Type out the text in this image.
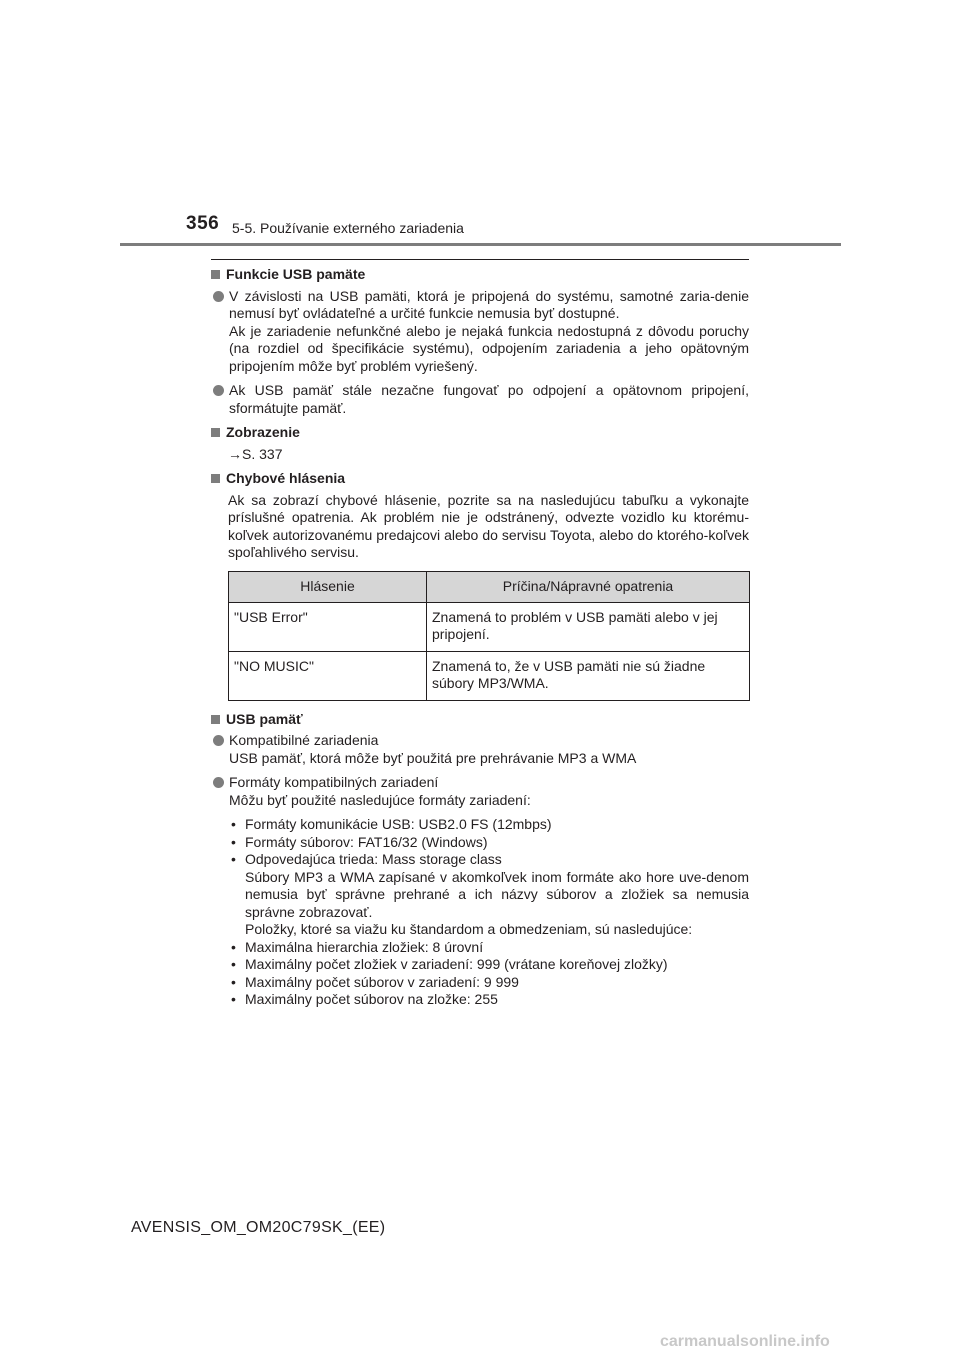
356 5-5. Používanie externého zariadenia
Funkcie USB pamäte
V závislosti na USB pamäti, ktorá je pripojená do systému, samotné zaria-denie nemusí byť ovládateľné a určité funkcie nemusia byť dostupné.
Ak je zariadenie nefunkčné alebo je nejaká funkcia nedostupná z dôvodu poruchy (na rozdiel od špecifikácie systému), odpojením zariadenia a jeho opätovným pripojením môže byť problém vyriešený.
Ak USB pamäť stále nezačne fungovať po odpojení a opätovnom pripojení, sformátujte pamäť.
Zobrazenie
→S. 337
Chybové hlásenia
Ak sa zobrazí chybové hlásenie, pozrite sa na nasledujúcu tabuľku a vykonajte príslušné opatrenia. Ak problém nie je odstránený, odvezte vozidlo ku ktorému-koľvek autorizovanému predajcovi alebo do servisu Toyota, alebo do ktorého-koľvek spoľahlivého servisu.
Hlásenie	Príčina/Nápravné opatrenia
"USB Error"	Znamená to problém v USB pamäti alebo v jej pripojení.
"NO MUSIC"	Znamená to, že v USB pamäti nie sú žiadne súbory MP3/WMA.
USB pamäť
Kompatibilné zariadenia
USB pamäť, ktorá môže byť použitá pre prehrávanie MP3 a WMA
Formáty kompatibilných zariadení
Môžu byť použité nasledujúce formáty zariadení:
• Formáty komunikácie USB: USB2.0 FS (12mbps)
• Formáty súborov: FAT16/32 (Windows)
• Odpovedajúca trieda: Mass storage class
Súbory MP3 a WMA zapísané v akomkoľvek inom formáte ako hore uve-denom nemusia byť správne prehrané a ich názvy súborov a zložiek sa nemusia správne zobrazovať.
Položky, ktoré sa viažu ku štandardom a obmedzeniam, sú nasledujúce:
• Maximálna hierarchia zložiek: 8 úrovní
• Maximálny počet zložiek v zariadení: 999 (vrátane koreňovej zložky)
• Maximálny počet súborov v zariadení: 9 999
• Maximálny počet súborov na zložke: 255
AVENSIS_OM_OM20C79SK_(EE)
carmanualsonline.info
